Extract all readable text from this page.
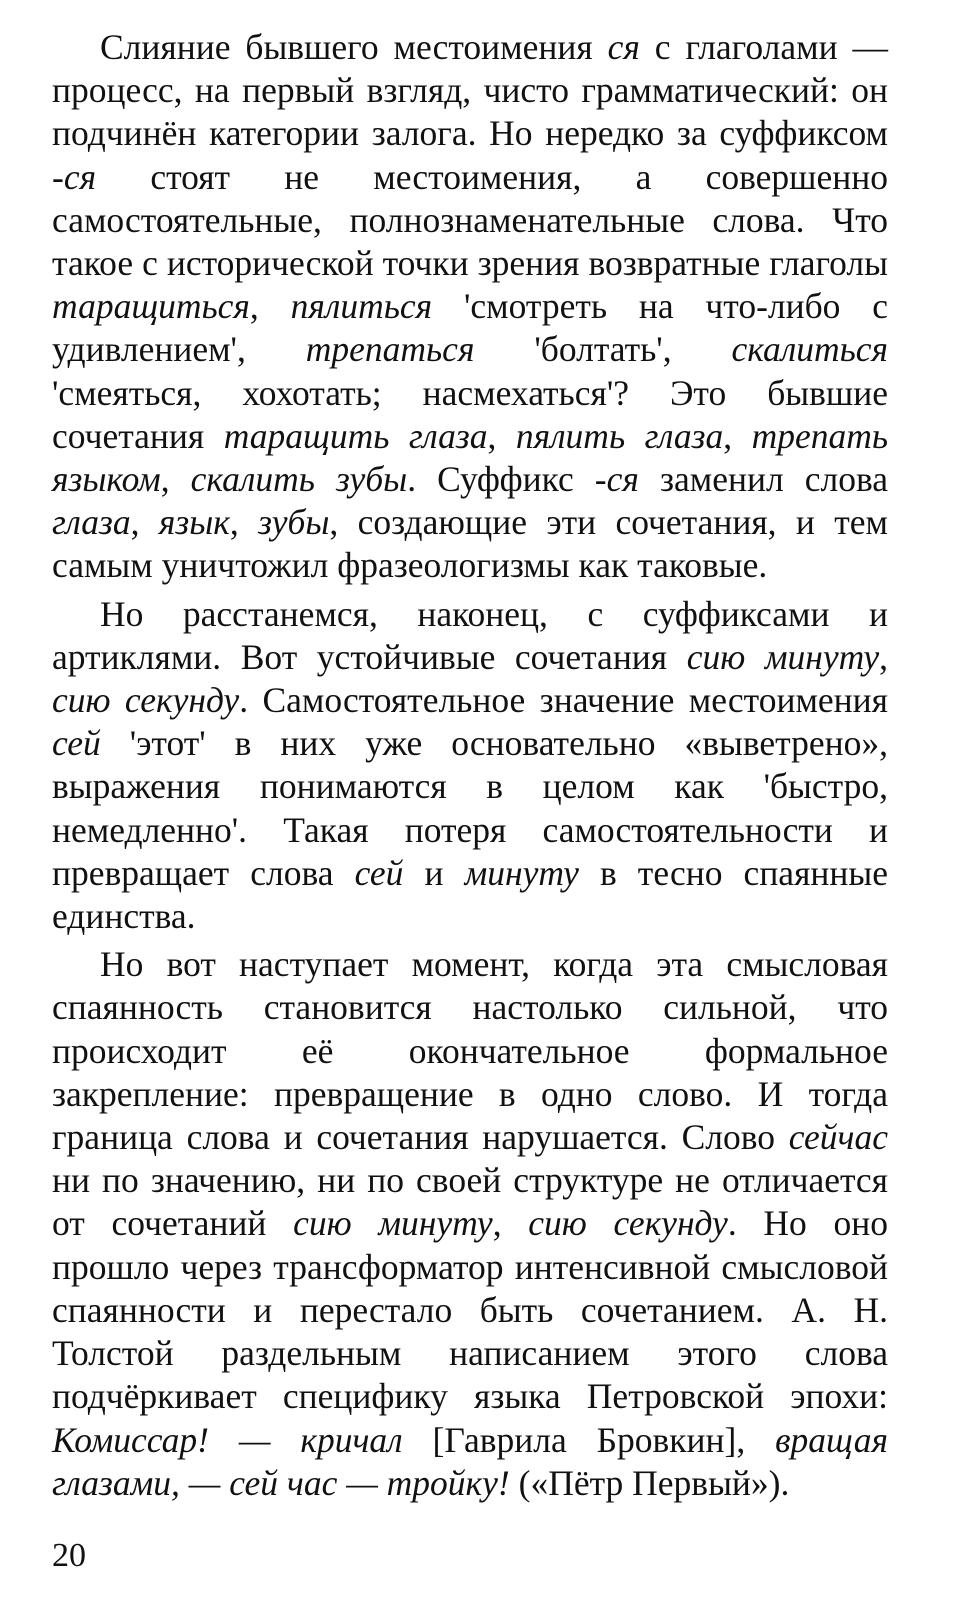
Слияние бывшего местоимения ся с глаголами — процесс, на первый взгляд, чисто грамматический: он подчинён категории залога. Но нередко за суффиксом -ся стоят не местоимения, а совершенно самостоятельные, полнознаменательные слова. Что такое с исторической точки зрения возвратные глаголы таращиться, пялиться 'смотреть на что-либо с удивлением', трепаться 'болтать', скалиться 'смеяться, хохотать; насмехаться'? Это бывшие сочетания таращить глаза, пялить глаза, трепать языком, скалить зубы. Суффикс -ся заменил слова глаза, язык, зубы, создающие эти сочетания, и тем самым уничтожил фразеологизмы как таковые.

Но расстанемся, наконец, с суффиксами и артиклями. Вот устойчивые сочетания сию минуту, сию секунду. Самостоятельное значение местоимения сей 'этот' в них уже основательно «выветрено», выражения понимаются в целом как 'быстро, немедленно'. Такая потеря самостоятельности и превращает слова сей и минуту в тесно спаянные единства.

Но вот наступает момент, когда эта смысловая спаянность становится настолько сильной, что происходит её окончательное формальное закрепление: превращение в одно слово. И тогда граница слова и сочетания нарушается. Слово сейчас ни по значению, ни по своей структуре не отличается от сочетаний сию минуту, сию секунду. Но оно прошло через трансформатор интенсивной смысловой спаянности и перестало быть сочетанием. А. Н. Толстой раздельным написанием этого слова подчёркивает специфику языка Петровской эпохи: Комиссар! — кричал [Гаврила Бровкин], вращая глазами, — сей час — тройку! («Пётр Первый»).

20
